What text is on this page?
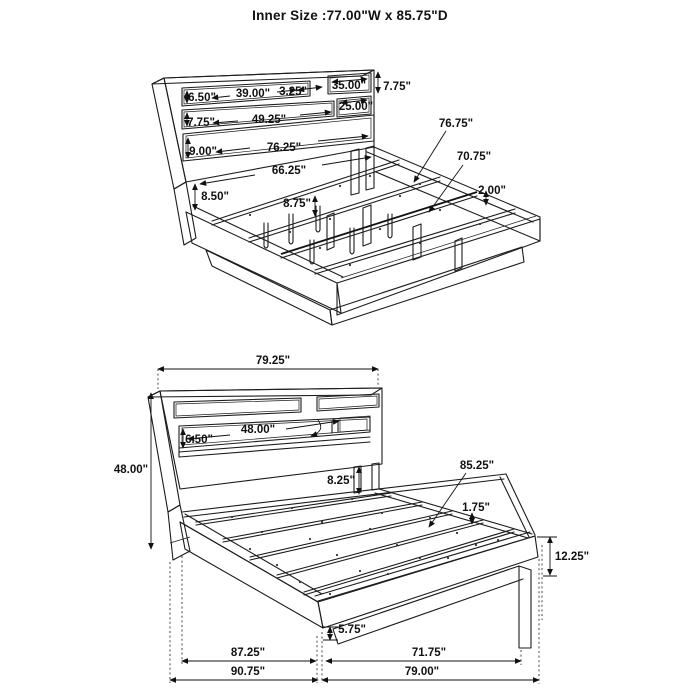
Inner Size :77.00"W x 85.75"D
6.50" 39.00" 3.25" 35.00" 7.75"
7.75"	49.25"
25.00"
9.00"	76.25"
66.25"
8.50"
8.75"
76.75"
70.75"
2.00"
79.25"
48.00"
6.50"
48.00"
8.25"
85.25"
1.75"
12.25"
5.75"
87.25"	71.75"
90.75"	79.00"
